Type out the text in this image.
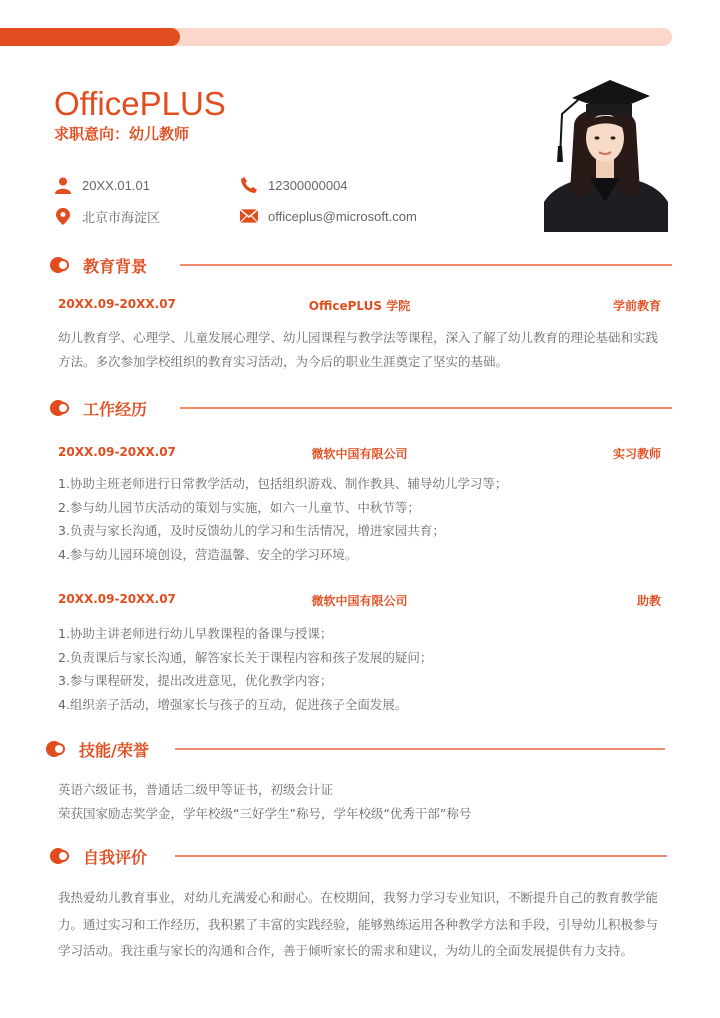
OfficePLUS
求职意向：幼儿教师
20XX.01.01	12300000004
北京市海淀区	officeplus@microsoft.com
教育背景
20XX.09-20XX.07	OfficePLUS 学院	学前教育
幼儿教育学、心理学、儿童发展心理学、幼儿园课程与教学法等课程，深入了解了幼儿教育的理论基础和实践方法。多次参加学校组织的教育实习活动，为今后的职业生涯奠定了坚实的基础。
工作经历
20XX.09-20XX.07	微软中国有限公司	实习教师
1.协助主班老师进行日常教学活动，包括组织游戏、制作教具、辅导幼儿学习等；
2.参与幼儿园节庆活动的策划与实施，如六一儿童节、中秋节等；
3.负责与家长沟通，及时反馈幼儿的学习和生活情况，增进家园共育；
4.参与幼儿园环境创设，营造温馨、安全的学习环境。
20XX.09-20XX.07	微软中国有限公司	助教
1.协助主讲老师进行幼儿早教课程的备课与授课；
2.负责课后与家长沟通，解答家长关于课程内容和孩子发展的疑问；
3.参与课程研发，提出改进意见，优化教学内容；
4.组织亲子活动，增强家长与孩子的互动，促进孩子全面发展。
技能/荣誉
英语六级证书，普通话二级甲等证书，初级会计证
荣获国家励志奖学金，学年校级“三好学生”称号，学年校级“优秀干部”称号
自我评价
我热爱幼儿教育事业，对幼儿充满爱心和耐心。在校期间，我努力学习专业知识，不断提升自己的教育教学能力。通过实习和工作经历，我积累了丰富的实践经验，能够熟练运用各种教学方法和手段，引导幼儿积极参与学习活动。我注重与家长的沟通和合作，善于倾听家长的需求和建议，为幼儿的全面发展提供有力支持。
